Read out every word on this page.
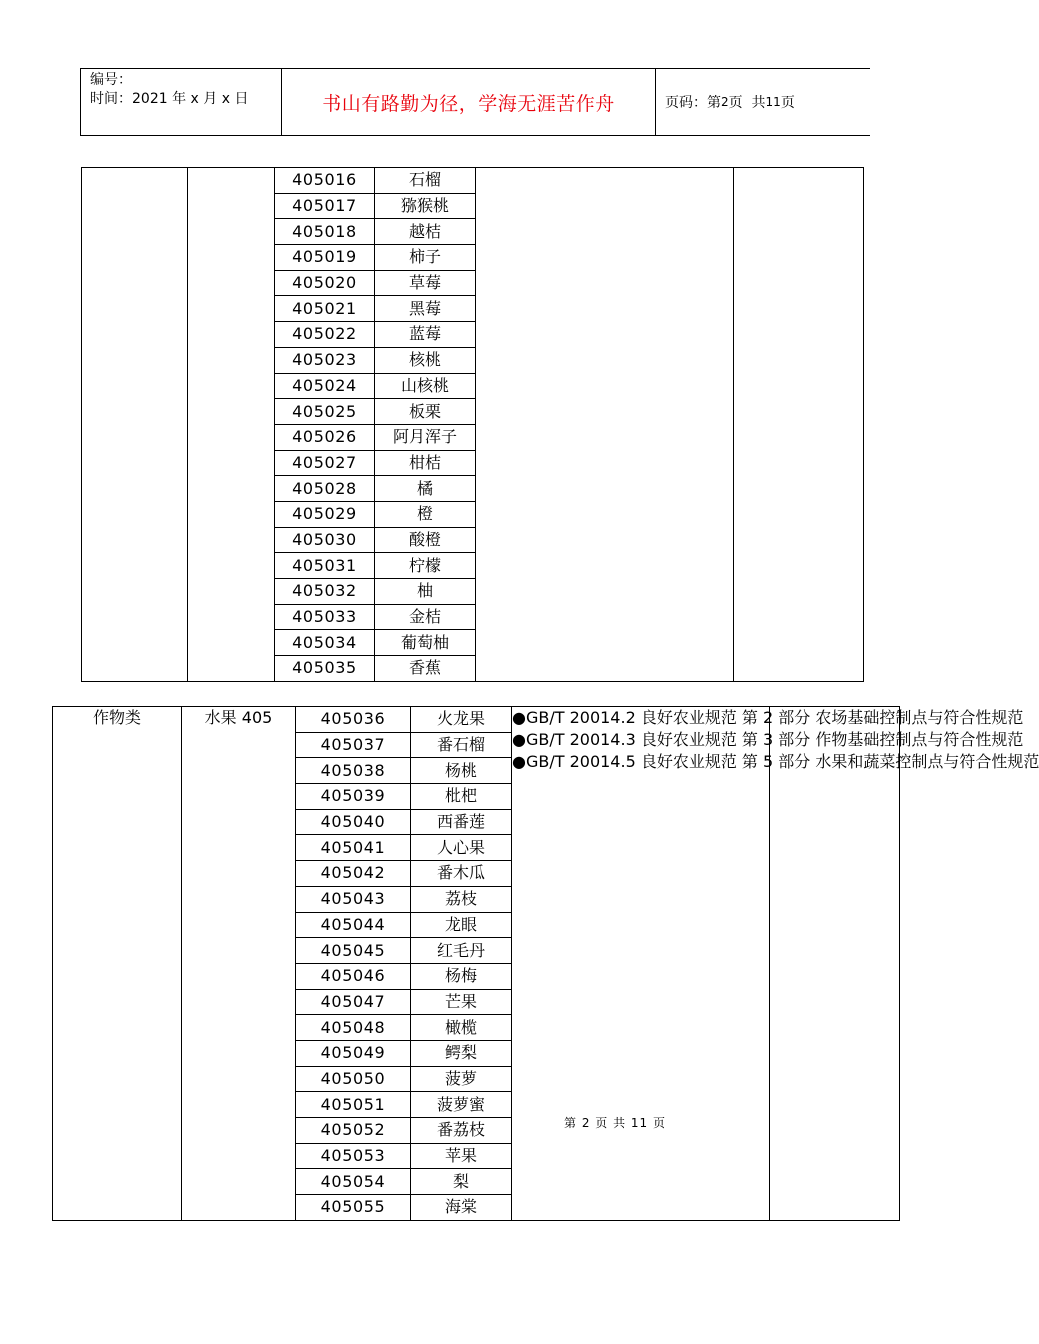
编号：
时间：2021 年 x 月 x 日	书山有路勤为径，学海无涯苦作舟	页码：第 2 页  共 11 页
		405016	石榴		
		405017	猕猴桃		
		405018	越桔		
		405019	柿子		
		405020	草莓		
		405021	黑莓		
		405022	蓝莓		
		405023	核桃		
		405024	山核桃		
		405025	板栗		
		405026	阿月浑子		
		405027	柑桔		
		405028	橘		
		405029	橙		
		405030	酸橙		
		405031	柠檬		
		405032	柚		
		405033	金桔		
		405034	葡萄柚		
		405035	香蕉		
作物类	水果 405	405036	火龙果	●GB/T 20014.2 良好农业规范 第 2 部分 农场基础控制点与符合性规范
●GB/T 20014.3 良好农业规范 第 3 部分 作物基础控制点与符合性规范
●GB/T 20014.5 良好农业规范 第 5 部分 水果和蔬菜控制点与符合性规范	

		405037	番石榴		
		405038	杨桃		
		405039	枇杷		
		405040	西番莲		
		405041	人心果		
		405042	番木瓜		
		405043	荔枝		
		405044	龙眼		
		405045	红毛丹		
		405046	杨梅		
		405047	芒果		
		405048	橄榄		
		405049	鳄梨		
		405050	菠萝		
		405051	菠萝蜜		
		405052	番荔枝		
		405053	苹果		
		405054	梨		
		405055	海棠		
第 2 页 共 11 页
